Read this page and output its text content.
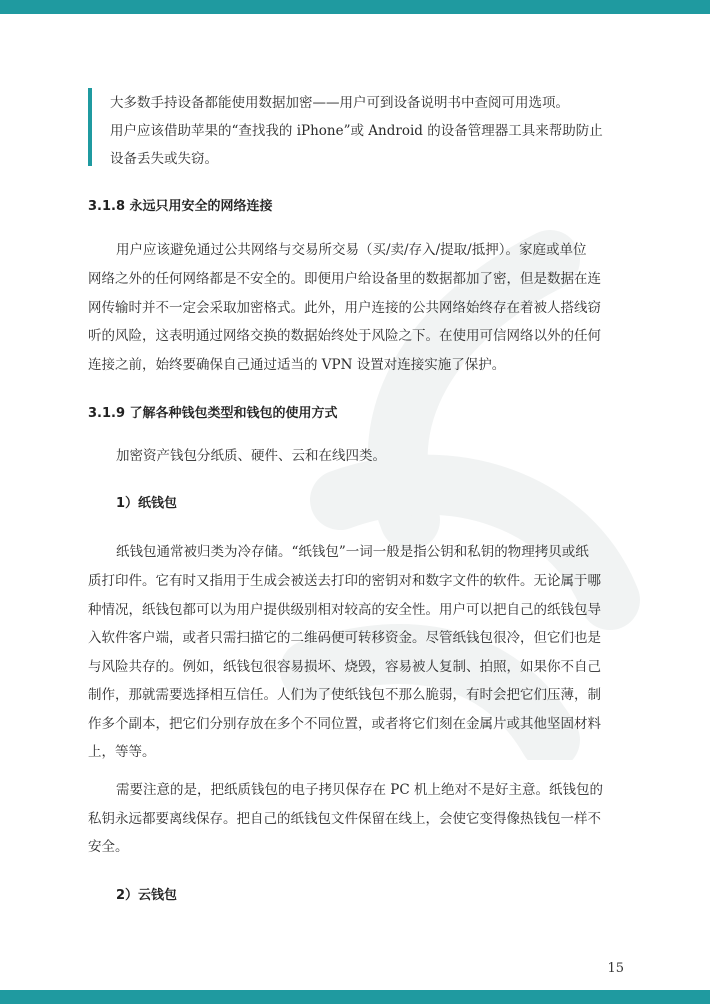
大多数手持设备都能使用数据加密——用户可到设备说明书中查阅可用选项。
用户应该借助苹果的“查找我的 iPhone”或 Android 的设备管理器工具来帮助防止
设备丢失或失窃。
3.1.8 永远只用安全的网络连接
用户应该避免通过公共网络与交易所交易（买/卖/存入/提取/抵押）。家庭或单位
网络之外的任何网络都是不安全的。即便用户给设备里的数据都加了密，但是数据在连
网传输时并不一定会采取加密格式。此外，用户连接的公共网络始终存在着被人搭线窃
听的风险，这表明通过网络交换的数据始终处于风险之下。在使用可信网络以外的任何
连接之前，始终要确保自己通过适当的 VPN 设置对连接实施了保护。
3.1.9 了解各种钱包类型和钱包的使用方式
加密资产钱包分纸质、硬件、云和在线四类。
1）纸钱包
纸钱包通常被归类为冷存储。“纸钱包”一词一般是指公钥和私钥的物理拷贝或纸
质打印件。它有时又指用于生成会被送去打印的密钥对和数字文件的软件。无论属于哪
种情况，纸钱包都可以为用户提供级别相对较高的安全性。用户可以把自己的纸钱包导
入软件客户端，或者只需扫描它的二维码便可转移资金。尽管纸钱包很冷，但它们也是
与风险共存的。例如，纸钱包很容易损坏、烧毁，容易被人复制、拍照，如果你不自己
制作，那就需要选择相互信任。人们为了使纸钱包不那么脆弱，有时会把它们压薄，制
作多个副本，把它们分别存放在多个不同位置，或者将它们刻在金属片或其他坚固材料
上，等等。
需要注意的是，把纸质钱包的电子拷贝保存在 PC 机上绝对不是好主意。纸钱包的
私钥永远都要离线保存。把自己的纸钱包文件保留在线上，会使它变得像热钱包一样不
安全。
2）云钱包
15
